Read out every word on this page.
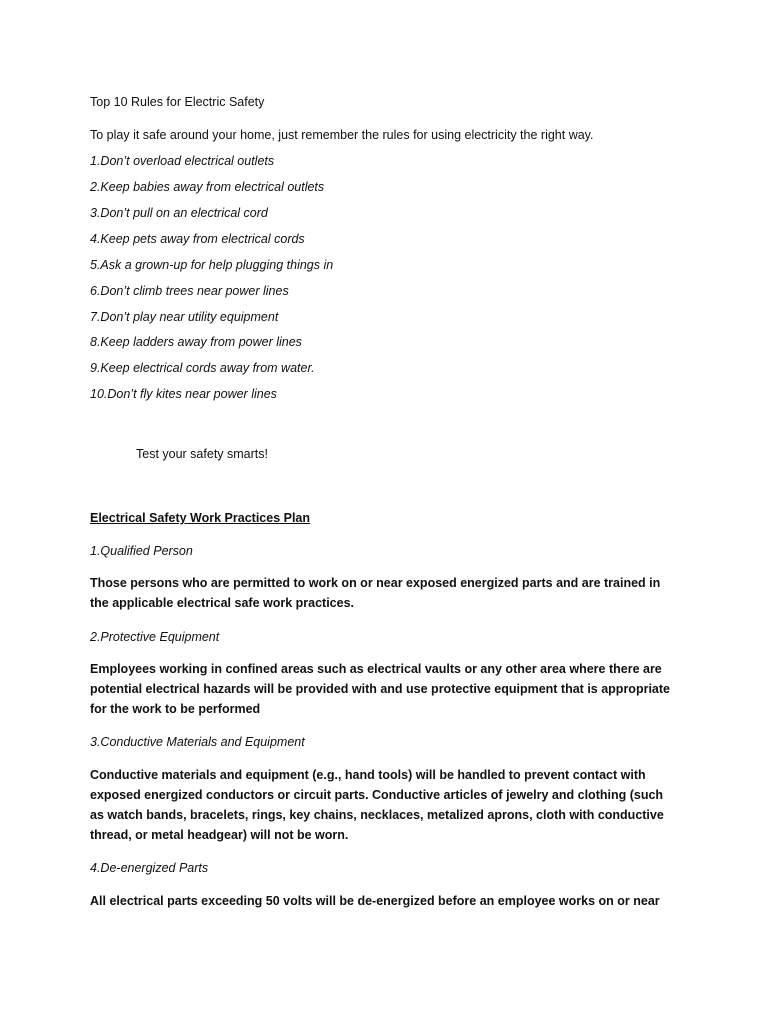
Top 10 Rules for Electric Safety

To play it safe around your home, just remember the rules for using electricity the right way.

1.Don’t overload electrical outlets

2.Keep babies away from electrical outlets

3.Don’t pull on an electrical cord

4.Keep pets away from electrical cords

5.Ask a grown-up for help plugging things in

6.Don’t climb trees near power lines

7.Don’t play near utility equipment

8.Keep ladders away from power lines

9.Keep electrical cords away from water.

10.Don’t fly kites near power lines

Test your safety smarts!

Electrical Safety Work Practices Plan

1.Qualified Person

Those persons who are permitted to work on or near exposed energized parts and are trained in the applicable electrical safe work practices.

2.Protective Equipment

Employees working in confined areas such as electrical vaults or any other area where there are potential electrical hazards will be provided with and use protective equipment that is appropriate for the work to be performed

3.Conductive Materials and Equipment

Conductive materials and equipment (e.g., hand tools) will be handled to prevent contact with exposed energized conductors or circuit parts. Conductive articles of jewelry and clothing (such as watch bands, bracelets, rings, key chains, necklaces, metalized aprons, cloth with conductive thread, or metal headgear) will not be worn.

4.De-energized Parts

All electrical parts exceeding 50 volts will be de-energized before an employee works on or near
